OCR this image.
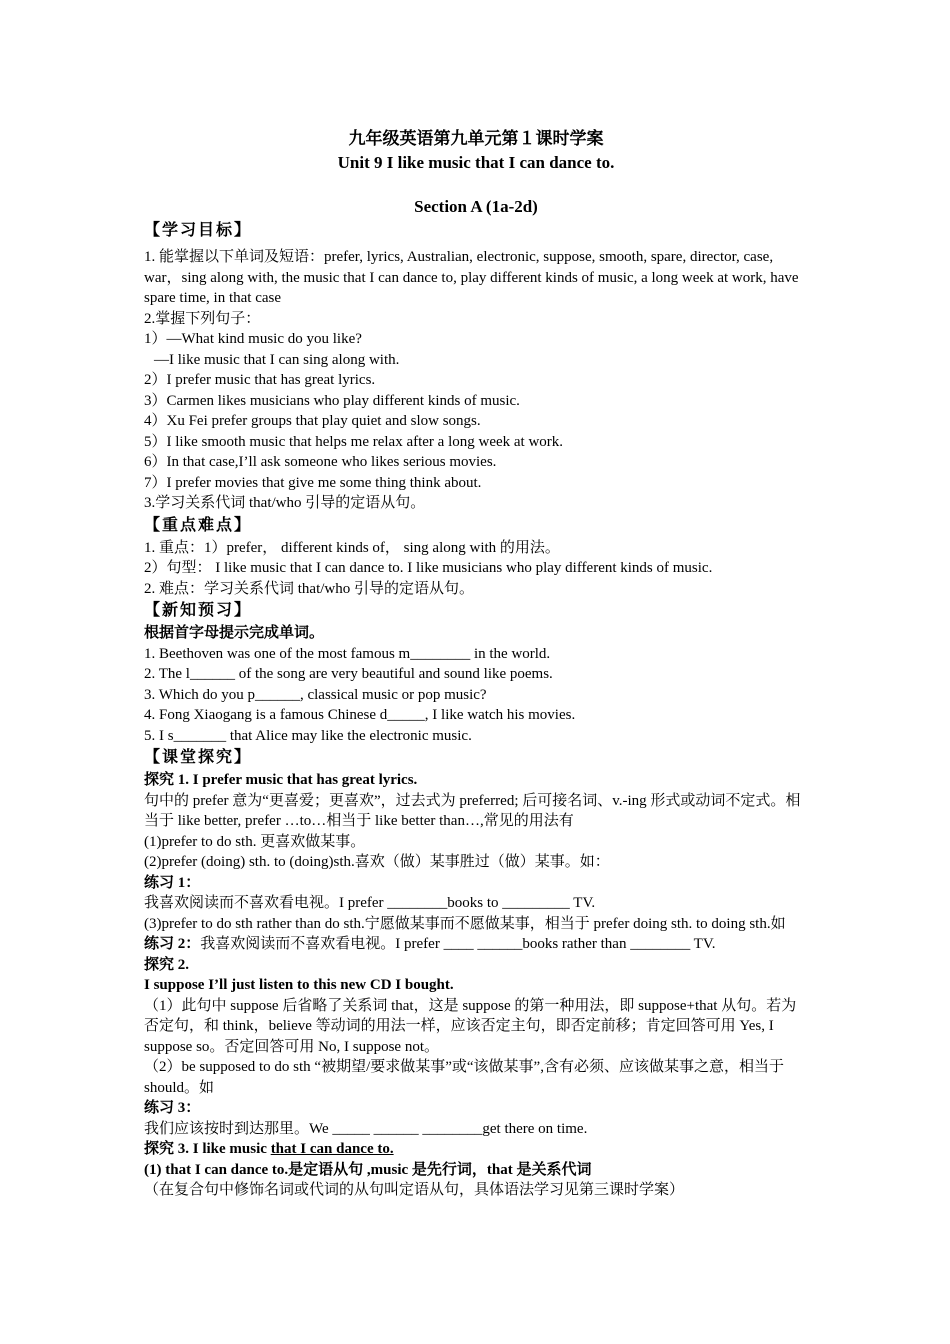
九年级英语第九单元第１课时学案
Unit 9 I like music that I can dance to.
Section A (1a-2d)
【学习目标】

1. 能掌握以下单词及短语：prefer, lyrics, Australian, electronic, suppose, smooth, spare, director, case, war，sing along with, the music that I can dance to, play different kinds of music, a long week at work, have spare time, in that case

2.掌握下列句子：

1）—What kind music do you like?

—I like music that I can sing along with.

2）I prefer music that has great lyrics.

3）Carmen likes musicians who play different kinds of music.

4）Xu Fei prefer groups that play quiet and slow songs.

5）I like smooth music that helps me relax after a long week at work.

6）In that case,I’ll ask someone who likes serious movies.

7）I prefer movies that give me some thing think about.

3.学习关系代词 that/who 引导的定语从句。

【重点难点】

1. 重点：1）prefer， different kinds of， sing along with 的用法。

2）句型： I like music that I can dance to. I like musicians who play different kinds of music.

2. 难点：学习关系代词 that/who 引导的定语从句。

【新知预习】

根据首字母提示完成单词。

1. Beethoven was one of the most famous m________ in the world.

2. The l______ of the song are very beautiful and sound like poems.

3. Which do you p______, classical music or pop music?

4. Fong Xiaogang is a famous Chinese d_____, I like watch his movies.

5. I s_______ that Alice may like the electronic music.

【课堂探究】

探究 1. I prefer music that has great lyrics.

句中的 prefer 意为“更喜爱；更喜欢”，过去式为 preferred; 后可接名词、v.-ing 形式或动词不定式。相当于 like better, prefer …to…相当于 like better than…,常见的用法有

(1)prefer to do sth. 更喜欢做某事。

(2)prefer (doing) sth. to (doing)sth.喜欢（做）某事胜过（做）某事。如：

练习 1：

我喜欢阅读而不喜欢看电视。I prefer ________books to _________ TV.

(3)prefer to do sth rather than do sth.宁愿做某事而不愿做某事，相当于 prefer doing sth. to doing sth.如

练习 2：我喜欢阅读而不喜欢看电视。I prefer ____ ______books rather than ________ TV.

探究 2.

I suppose I’ll just listen to this new CD I bought.

（1）此句中 suppose 后省略了关系词 that，这是 suppose 的第一种用法，即 suppose+that 从句。若为否定句，和 think，believe 等动词的用法一样，应该否定主句，即否定前移；肯定回答可用 Yes, I suppose so。否定回答可用 No, I suppose not。

（2）be supposed to do sth “被期望/要求做某事”或“该做某事”,含有必须、应该做某事之意，相当于 should。如

练习 3：

我们应该按时到达那里。We _____ ______ ________get there on time.

探究 3. I like music that I can dance to.

(1) that I can dance to.是定语从句 ,music 是先行词，that 是关系代词

（在复合句中修饰名词或代词的从句叫定语从句，具体语法学习见第三课时学案）
